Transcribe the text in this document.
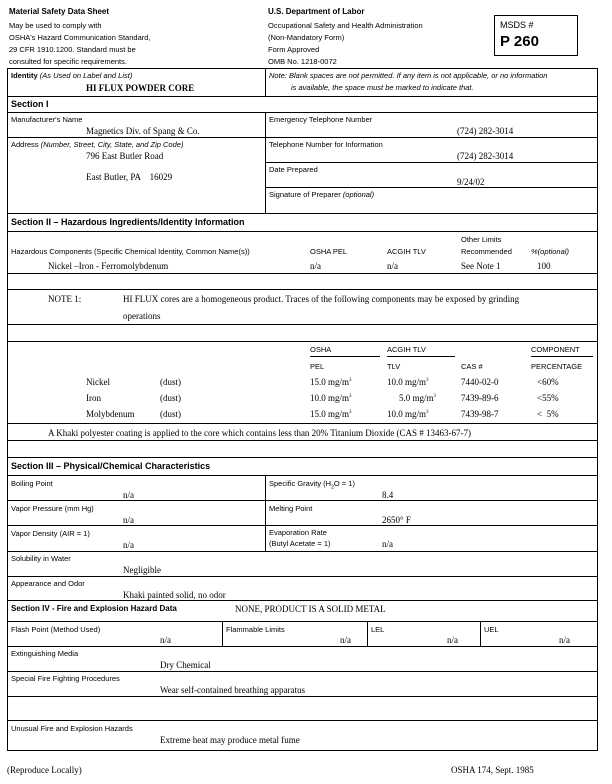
Material Safety Data Sheet
May be used to comply with
OSHA's Hazard Communication Standard,
29 CFR 1910.1200. Standard must be
consulted for specific requirements.
U.S. Department of Labor
Occupational Safety and Health Administration
(Non-Mandatory Form)
Form Approved
OMB No. 1218-0072
MSDS #
P 260
Identity (As Used on Label and List)
HI FLUX POWDER CORE
Note: Blank spaces are not permitted. If any item is not applicable, or no information
is available, the space must be marked to indicate that.
Section I
Manufacturer's Name
Magnetics Div. of Spang & Co.
Emergency Telephone Number
(724) 282-3014
Address (Number, Street, City, State, and Zip Code)
796 East Butler Road
East Butler, PA    16029
Telephone Number for Information
(724) 282-3014
Date Prepared
9/24/02
Signature of Preparer (optional)
Section II – Hazardous Ingredients/Identity Information
Hazardous Components (Specific Chemical Identity, Common Name(s))	OSHA PEL	ACGIH TLV
Other Limits
Recommended	%(optional)
Nickel –Iron - Ferromolybdenum	n/a	n/a	See Note 1	100
NOTE 1:	HI FLUX cores are a homogeneous product. Traces of the following components may be exposed by grinding
operations
OSHA	ACGIH TLV	COMPONENT
PEL	TLV	CAS #	PERCENTAGE
Nickel	(dust)	15.0 $mg/m^3$	10.0 $mg/m^3$	7440-02-0	<60%
Iron	(dust)	10.0 $mg/m^3$	5.0 $mg/m^3$	7439-89-6	<55%
Molybdenum	(dust)	15.0 $mg/m^3$	10.0 $mg/m^3$	7439-98-7	<  5%
A Khaki polyester coating is applied to the core which contains less than 20% Titanium Dioxide (CAS # 13463-67-7)
Section III – Physical/Chemical Characteristics
Boiling Point
n/a
Specific Gravity $(H_2O = 1)$
8.4
Vapor Pressure (mm Hg)
n/a
Melting Point
2650° F
Vapor Density (AIR = 1)
n/a
Evaporation Rate
(Butyl Acetate = 1)	n/a
Solubility in Water
Negligible
Appearance and Odor
Khaki painted solid, no odor
Section IV - Fire and Explosion Hazard Data	NONE, PRODUCT IS A SOLID METAL
Flash Point (Method Used)
n/a
Flammable Limits
n/a
LEL
n/a
UEL
n/a
Extinguishing Media
Dry Chemical
Special Fire Fighting Procedures
Wear self-contained breathing apparatus
Unusual Fire and Explosion Hazards
Extreme heat may produce metal fume
(Reproduce Locally)	OSHA 174, Sept. 1985
